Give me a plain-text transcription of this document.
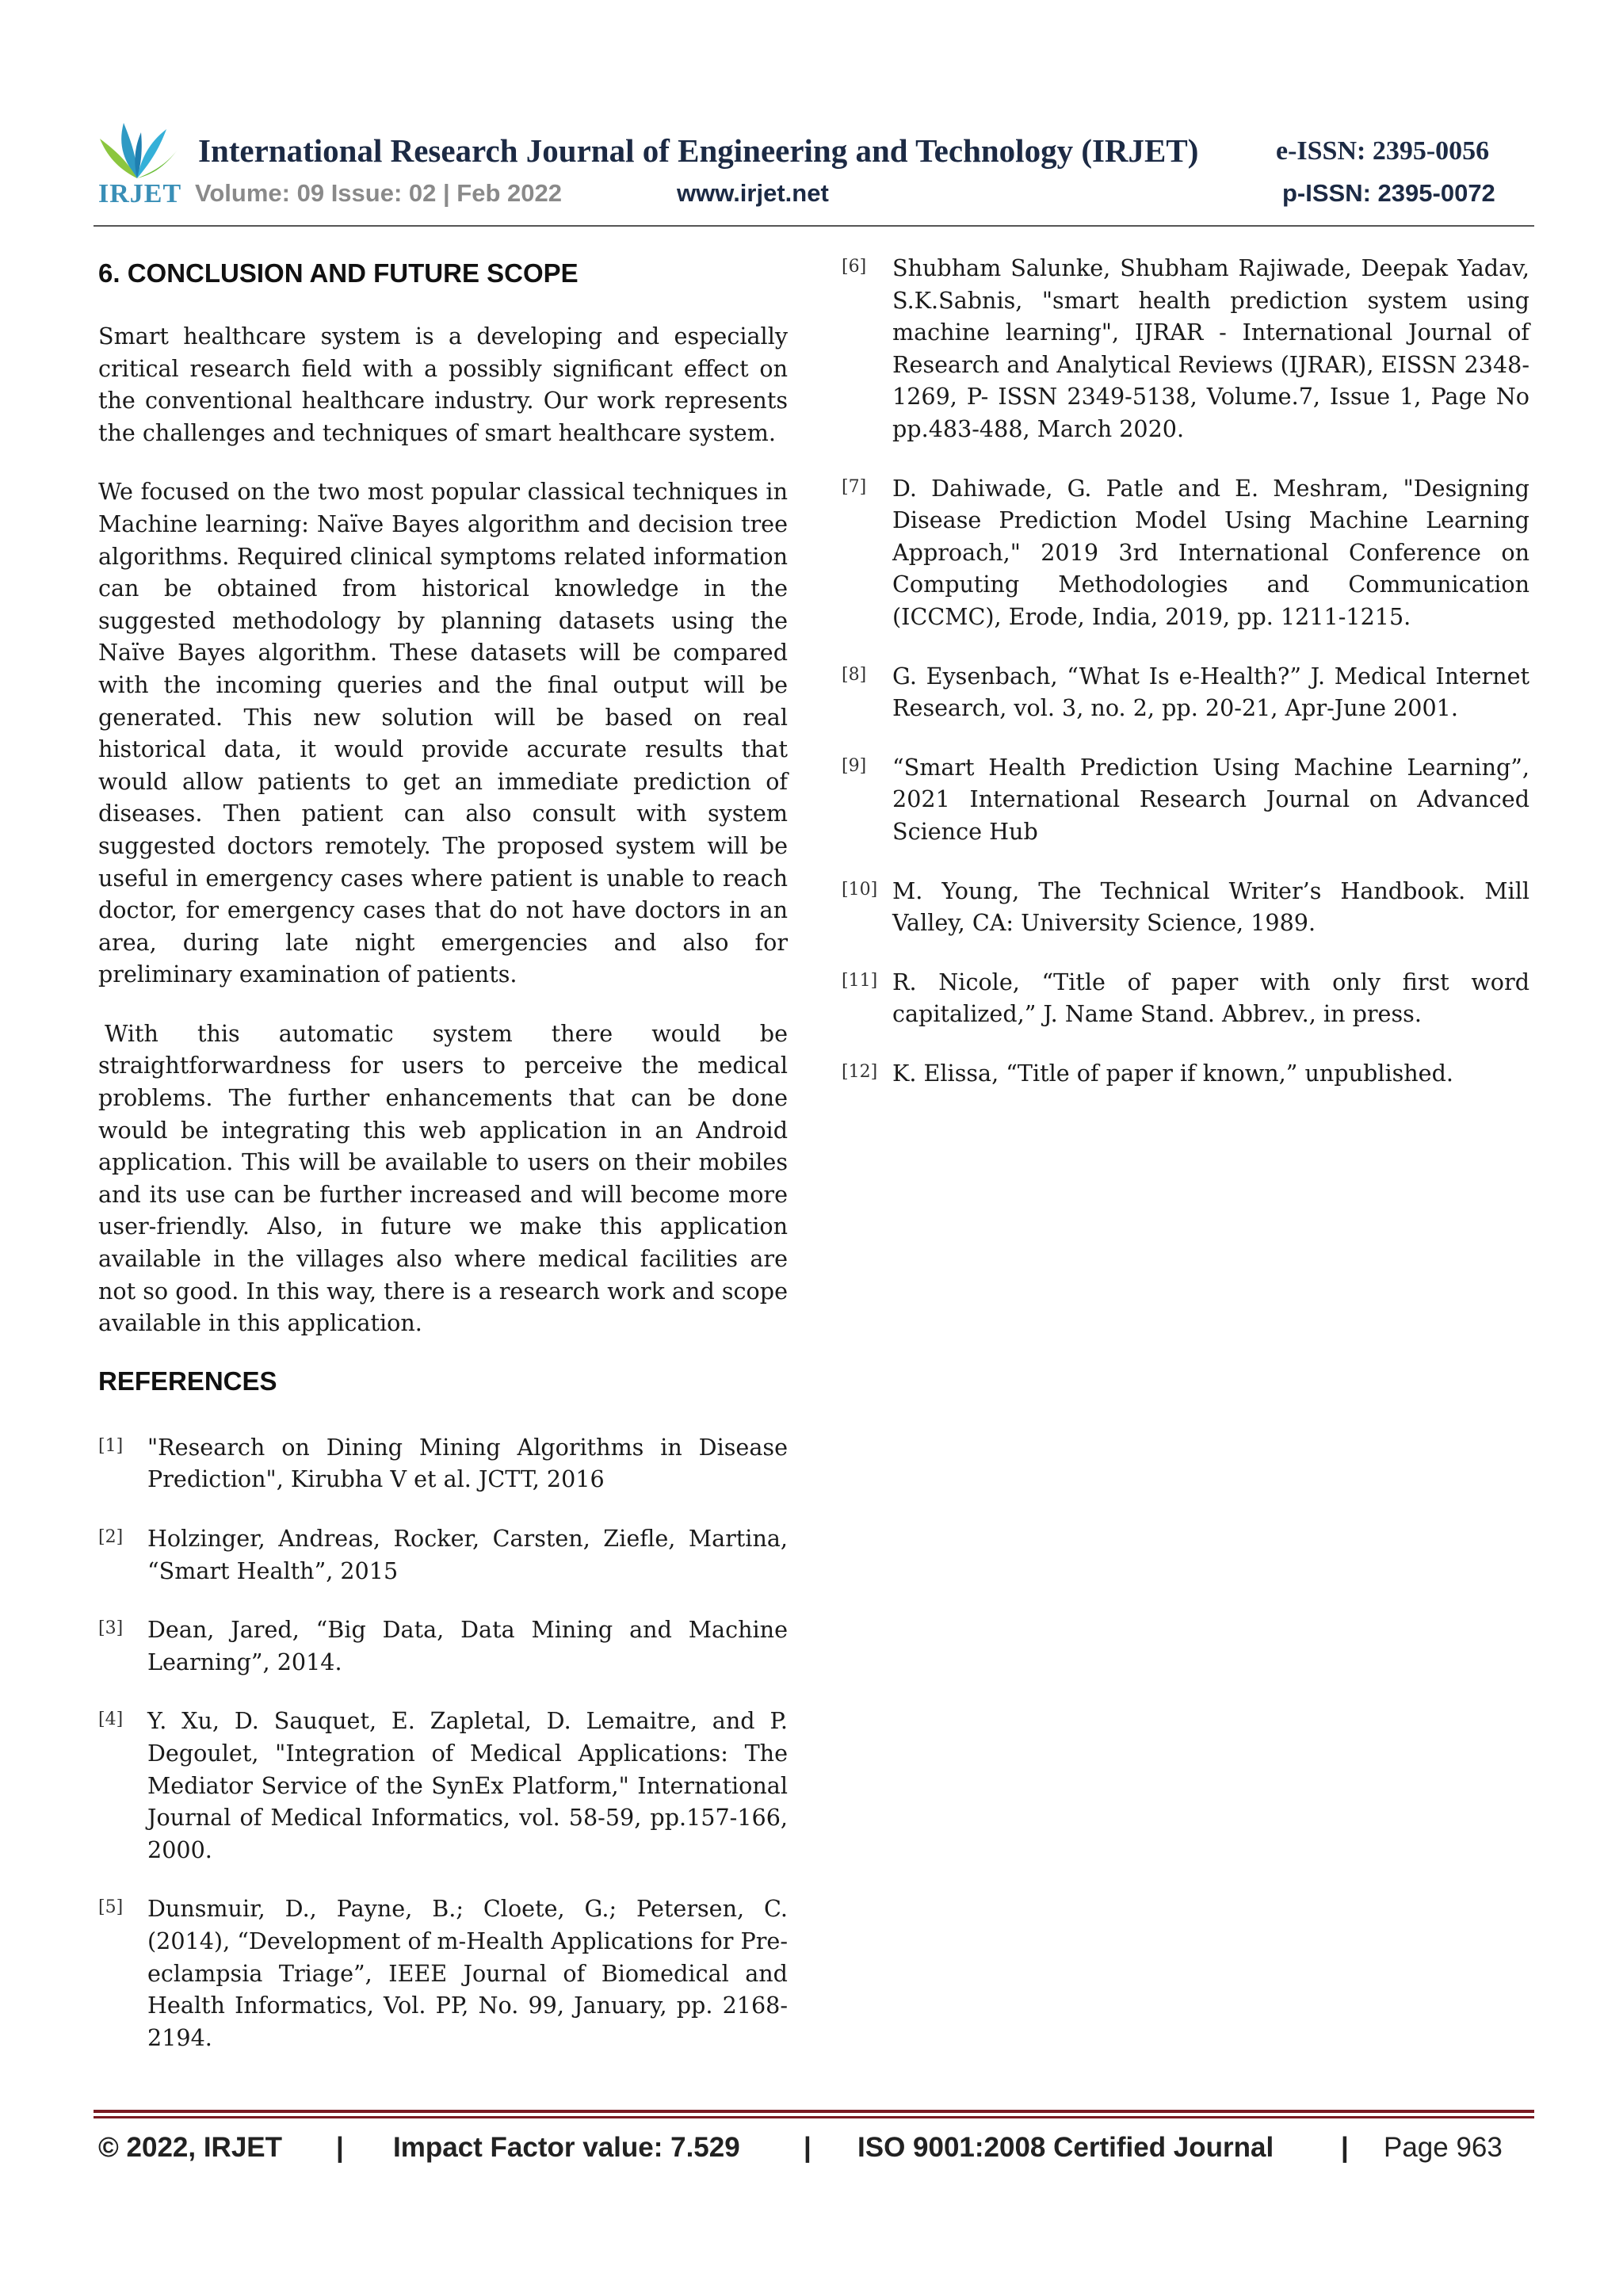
IRJET
International Research Journal of Engineering and Technology (IRJET)	e-ISSN: 2395-0056
Volume: 09 Issue: 02 | Feb 2022	www.irjet.net	p-ISSN: 2395-0072
6. CONCLUSION AND FUTURE SCOPE

Smart healthcare system is a developing and especially critical research field with a possibly significant effect on the conventional healthcare industry. Our work represents the challenges and techniques of smart healthcare system.

We focused on the two most popular classical techniques in Machine learning: Naïve Bayes algorithm and decision tree algorithms. Required clinical symptoms related information can be obtained from historical knowledge in the suggested methodology by planning datasets using the Naïve Bayes algorithm. These datasets will be compared with the incoming queries and the final output will be generated. This new solution will be based on real historical data, it would provide accurate results that would allow patients to get an immediate prediction of diseases. Then patient can also consult with system suggested doctors remotely. The proposed system will be useful in emergency cases where patient is unable to reach doctor, for emergency cases that do not have doctors in an area, during late night emergencies and also for preliminary examination of patients.

With this automatic system there would be straightforwardness for users to perceive the medical problems. The further enhancements that can be done would be integrating this web application in an Android application. This will be available to users on their mobiles and its use can be further increased and will become more user-friendly. Also, in future we make this application available in the villages also where medical facilities are not so good. In this way, there is a research work and scope available in this application.

REFERENCES
[1]	"Research on Dining Mining Algorithms in Disease Prediction", Kirubha V et al. JCTT, 2016
[2]	Holzinger, Andreas, Rocker, Carsten, Ziefle, Martina, “Smart Health”, 2015
[3]	Dean, Jared, “Big Data, Data Mining and Machine Learning”, 2014.
[4]	Y. Xu, D. Sauquet, E. Zapletal, D. Lemaitre, and P. Degoulet, "Integration of Medical Applications: The Mediator Service of the SynEx Platform," International Journal of Medical Informatics, vol. 58-59, pp.157-166, 2000.
[5]	Dunsmuir, D., Payne, B.; Cloete, G.; Petersen, C. (2014), “Development of m-Health Applications for Pre-eclampsia Triage”, IEEE Journal of Biomedical and Health Informatics, Vol. PP, No. 99, January, pp. 2168-2194.
[6]	Shubham Salunke, Shubham Rajiwade, Deepak Yadav, S.K.Sabnis, "smart health prediction system using machine learning", IJRAR - International Journal of Research and Analytical Reviews (IJRAR), EISSN 2348-1269, P- ISSN 2349-5138, Volume.7, Issue 1, Page No pp.483-488, March 2020.
[7]	D. Dahiwade, G. Patle and E. Meshram, "Designing Disease Prediction Model Using Machine Learning Approach," 2019 3rd International Conference on Computing Methodologies and Communication (ICCMC), Erode, India, 2019, pp. 1211-1215.
[8]	G. Eysenbach, “What Is e-Health?” J. Medical Internet Research, vol. 3, no. 2, pp. 20-21, Apr-June 2001.
[9]	“Smart Health Prediction Using Machine Learning”, 2021 International Research Journal on Advanced Science Hub
[10] M. Young, The Technical Writer’s Handbook. Mill Valley, CA: University Science, 1989.
[11] R. Nicole, “Title of paper with only first word capitalized,” J. Name Stand. Abbrev., in press.
[12] K. Elissa, “Title of paper if known,” unpublished.
© 2022, IRJET | Impact Factor value: 7.529 | ISO 9001:2008 Certified Journal | Page 963
